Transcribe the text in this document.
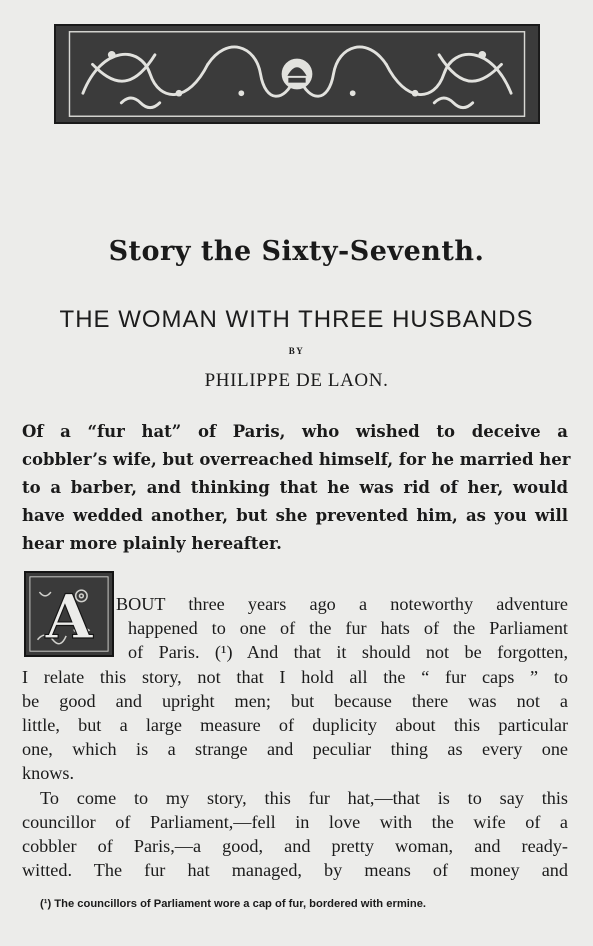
Story the Sixty-Seventh.
THE WOMAN WITH THREE HUSBANDS
BY
PHILIPPE DE LAON.
Of a “fur hat” of Paris, who wished to deceive a
cobbler’s wife, but overreached himself, for he married her
to a barber, and thinking that he was rid of her, would
have wedded another, but she prevented him, as you will
hear more plainly hereafter.
A	BOUT three years ago a noteworthy adventure
happened to one of the fur hats of the Parliament
of Paris. (¹) And that it should not be forgotten,
I relate this story, not that I hold all the “ fur caps ” to
be good and upright men; but because there was not a
little, but a large measure of duplicity about this particular
one, which is a strange and peculiar thing as every one
knows.
To come to my story, this fur hat,—that is to say this
councillor of Parliament,—fell in love with the wife of a
cobbler of Paris,—a good, and pretty woman, and ready-
witted. The fur hat managed, by means of money and
(¹) The councillors of Parliament wore a cap of fur, bordered with ermine.
